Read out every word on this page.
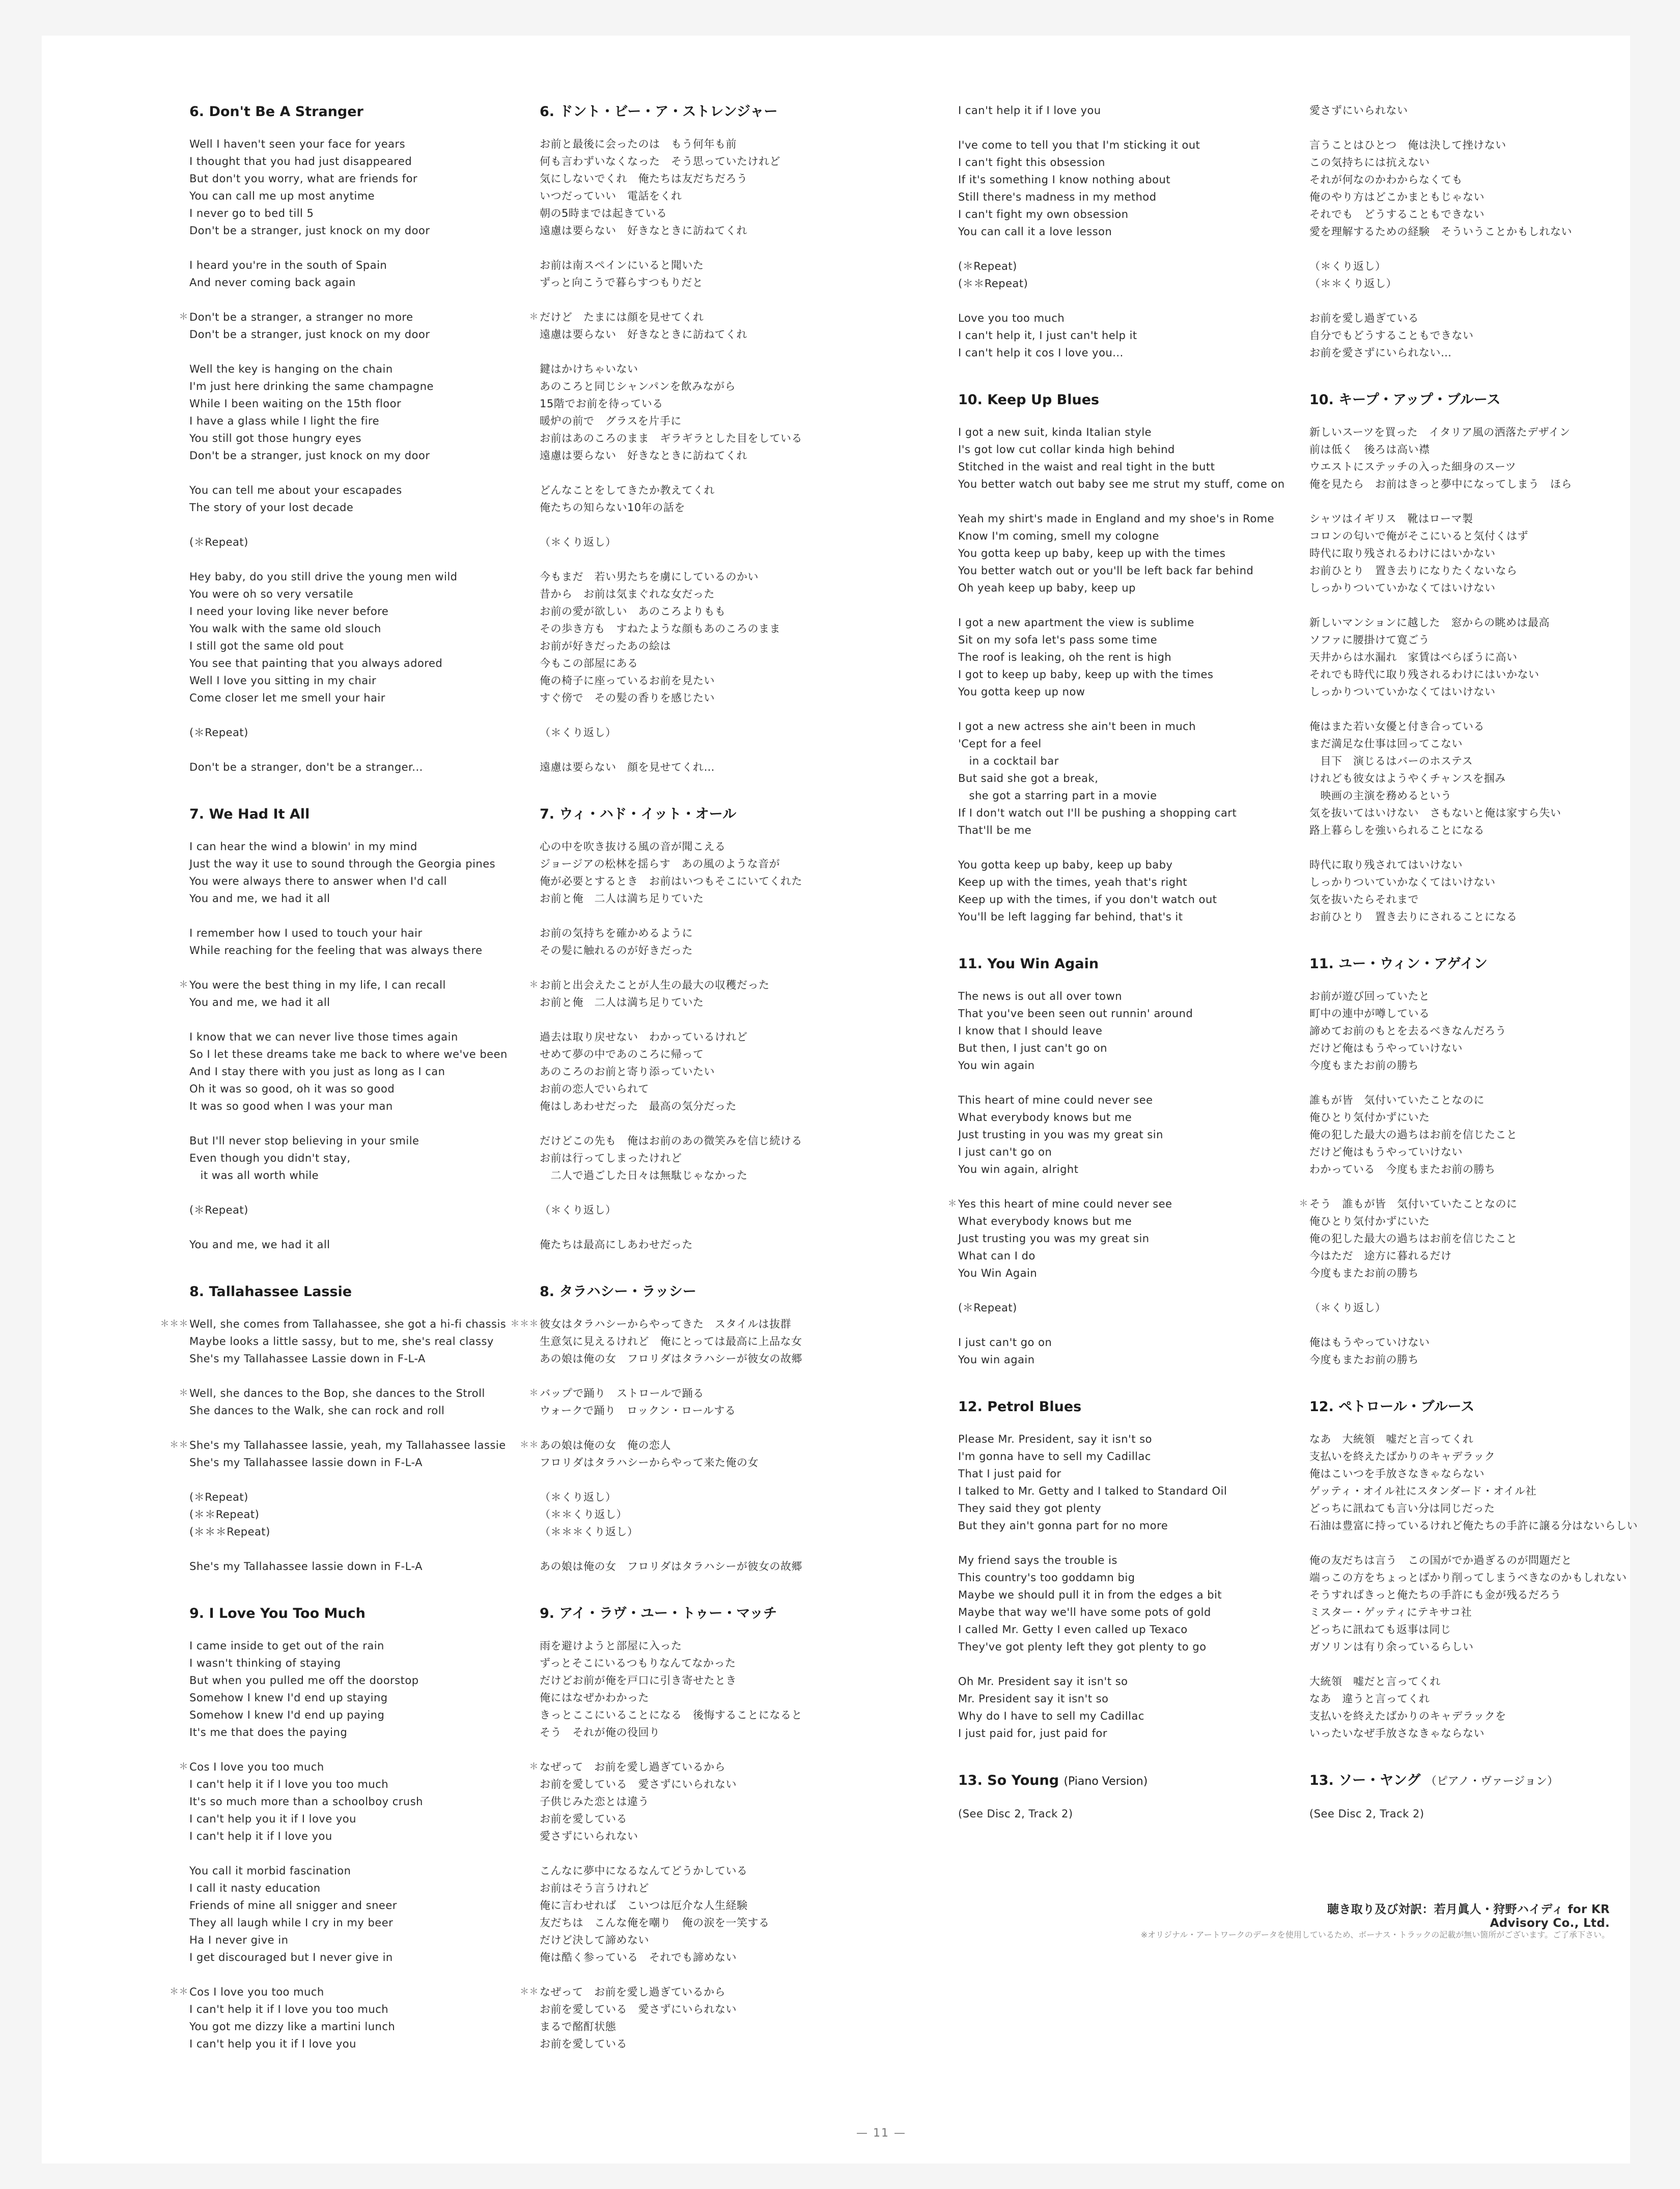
6. Don't Be A Stranger
Well I haven't seen your face for years
I thought that you had just disappeared
But don't you worry, what are friends for
You can call me up most anytime
I never go to bed till 5
Don't be a stranger, just knock on my door
I heard you're in the south of Spain
And never coming back again
＊ Don't be a stranger, a stranger no more
Don't be a stranger, just knock on my door
Well the key is hanging on the chain
I'm just here drinking the same champagne
While I been waiting on the 15th floor
I have a glass while I light the fire
You still got those hungry eyes
Don't be a stranger, just knock on my door
You can tell me about your escapades
The story of your lost decade
(＊Repeat)
Hey baby, do you still drive the young men wild
You were oh so very versatile
I need your loving like never before
You walk with the same old slouch
I still got the same old pout
You see that painting that you always adored
Well I love you sitting in my chair
Come closer let me smell your hair
(＊Repeat)
Don't be a stranger, don't be a stranger...
7. We Had It All
I can hear the wind a blowin' in my mind
Just the way it use to sound through the Georgia pines
You were always there to answer when I'd call
You and me, we had it all
I remember how I used to touch your hair
While reaching for the feeling that was always there
＊ You were the best thing in my life, I can recall
You and me, we had it all
I know that we can never live those times again
So I let these dreams take me back to where we've been
And I stay there with you just as long as I can
Oh it was so good, oh it was so good
It was so good when I was your man
But I'll never stop believing in your smile
Even though you didn't stay,
it was all worth while
(＊Repeat)
You and me, we had it all
8. Tallahassee Lassie
＊＊＊ Well, she comes from Tallahassee, she got a hi-fi chassis
Maybe looks a little sassy, but to me, she's real classy
She's my Tallahassee Lassie down in F-L-A
＊ Well, she dances to the Bop, she dances to the Stroll
She dances to the Walk, she can rock and roll
＊＊ She's my Tallahassee lassie, yeah, my Tallahassee lassie
She's my Tallahassee lassie down in F-L-A
(＊Repeat)
(＊＊Repeat)
(＊＊＊Repeat)
She's my Tallahassee lassie down in F-L-A
9. I Love You Too Much
I came inside to get out of the rain
I wasn't thinking of staying
But when you pulled me off the doorstop
Somehow I knew I'd end up staying
Somehow I knew I'd end up paying
It's me that does the paying
＊ Cos I love you too much
I can't help it if I love you too much
It's so much more than a schoolboy crush
I can't help you it if I love you
I can't help it if I love you
You call it morbid fascination
I call it nasty education
Friends of mine all snigger and sneer
They all laugh while I cry in my beer
Ha I never give in
I get discouraged but I never give in
＊＊ Cos I love you too much
I can't help it if I love you too much
You got me dizzy like a martini lunch
I can't help you it if I love you
6. ドント・ビー・ア・ストレンジャー
お前と最後に会ったのは　もう何年も前
何も言わずいなくなった　そう思っていたけれど
気にしないでくれ　俺たちは友だちだろう
いつだっていい　電話をくれ
朝の5時までは起きている
遠慮は要らない　好きなときに訪ねてくれ
お前は南スペインにいると聞いた
ずっと向こうで暮らすつもりだと
＊ だけど　たまには顔を見せてくれ
遠慮は要らない　好きなときに訪ねてくれ
鍵はかけちゃいない
あのころと同じシャンパンを飲みながら
15階でお前を待っている
暖炉の前で　グラスを片手に
お前はあのころのまま　ギラギラとした目をしている
遠慮は要らない　好きなときに訪ねてくれ
どんなことをしてきたか教えてくれ
俺たちの知らない10年の話を
（＊くり返し）
今もまだ　若い男たちを虜にしているのかい
昔から　お前は気まぐれな女だった
お前の愛が欲しい　あのころよりもも
その歩き方も　すねたような顔もあのころのまま
お前が好きだったあの絵は
今もこの部屋にある
俺の椅子に座っているお前を見たい
すぐ傍で　その髪の香りを感じたい
（＊くり返し）
遠慮は要らない　顔を見せてくれ…
7. ウィ・ハド・イット・オール
心の中を吹き抜ける風の音が聞こえる
ジョージアの松林を揺らす　あの風のような音が
俺が必要とするとき　お前はいつもそこにいてくれた
お前と俺　二人は満ち足りていた
お前の気持ちを確かめるように
その髪に触れるのが好きだった
＊ お前と出会えたことが人生の最大の収穫だった
お前と俺　二人は満ち足りていた
過去は取り戻せない　わかっているけれど
せめて夢の中であのころに帰って
あのころのお前と寄り添っていたい
お前の恋人でいられて
俺はしあわせだった　最高の気分だった
だけどこの先も　俺はお前のあの微笑みを信じ続ける
お前は行ってしまったけれど
　二人で過ごした日々は無駄じゃなかった
（＊くり返し）
俺たちは最高にしあわせだった
8. タラハシー・ラッシー
＊＊＊ 彼女はタラハシーからやってきた　スタイルは抜群
生意気に見えるけれど　俺にとっては最高に上品な女
あの娘は俺の女　フロリダはタラハシーが彼女の故郷
＊ バップで踊り　ストロールで踊る
ウォークで踊り　ロックン・ロールする
＊＊ あの娘は俺の女　俺の恋人
フロリダはタラハシーからやって来た俺の女
（＊くり返し）
（＊＊くり返し）
（＊＊＊くり返し）
あの娘は俺の女　フロリダはタラハシーが彼女の故郷
9. アイ・ラヴ・ユー・トゥー・マッチ
雨を避けようと部屋に入った
ずっとそこにいるつもりなんてなかった
だけどお前が俺を戸口に引き寄せたとき
俺にはなぜかわかった
きっとここにいることになる　後悔することになると
そう　それが俺の役回り
＊ なぜって　お前を愛し過ぎているから
お前を愛している　愛さずにいられない
子供じみた恋とは違う
お前を愛している
愛さずにいられない
こんなに夢中になるなんてどうかしている
お前はそう言うけれど
俺に言わせれば　こいつは厄介な人生経験
友だちは　こんな俺を嘲り　俺の涙を一笑する
だけど決して諦めない
俺は酷く参っている　それでも諦めない
＊＊ なぜって　お前を愛し過ぎているから
お前を愛している　愛さずにいられない
まるで酩酊状態
お前を愛している
I can't help it if I love you
I've come to tell you that I'm sticking it out
I can't fight this obsession
If it's something I know nothing about
Still there's madness in my method
I can't fight my own obsession
You can call it a love lesson
(＊Repeat)
(＊＊Repeat)
Love you too much
I can't help it, I just can't help it
I can't help it cos I love you...
10. Keep Up Blues
I got a new suit, kinda Italian style
I's got low cut collar kinda high behind
Stitched in the waist and real tight in the butt
You better watch out baby see me strut my stuff, come on
Yeah my shirt's made in England and my shoe's in Rome
Know I'm coming, smell my cologne
You gotta keep up baby, keep up with the times
You better watch out or you'll be left back far behind
Oh yeah keep up baby, keep up
I got a new apartment the view is sublime
Sit on my sofa let's pass some time
The roof is leaking, oh the rent is high
I got to keep up baby, keep up with the times
You gotta keep up now
I got a new actress she ain't been in much
'Cept for a feel
in a cocktail bar
But said she got a break,
she got a starring part in a movie
If I don't watch out I'll be pushing a shopping cart
That'll be me
You gotta keep up baby, keep up baby
Keep up with the times, yeah that's right
Keep up with the times, if you don't watch out
You'll be left lagging far behind, that's it
11. You Win Again
The news is out all over town
That you've been seen out runnin' around
I know that I should leave
But then, I just can't go on
You win again
This heart of mine could never see
What everybody knows but me
Just trusting in you was my great sin
I just can't go on
You win again, alright
＊ Yes this heart of mine could never see
What everybody knows but me
Just trusting you was my great sin
What can I do
You Win Again
(＊Repeat)
I just can't go on
You win again
12. Petrol Blues
Please Mr. President, say it isn't so
I'm gonna have to sell my Cadillac
That I just paid for
I talked to Mr. Getty and I talked to Standard Oil
They said they got plenty
But they ain't gonna part for no more
My friend says the trouble is
This country's too goddamn big
Maybe we should pull it in from the edges a bit
Maybe that way we'll have some pots of gold
I called Mr. Getty I even called up Texaco
They've got plenty left they got plenty to go
Oh Mr. President say it isn't so
Mr. President say it isn't so
Why do I have to sell my Cadillac
I just paid for, just paid for
13. So Young (Piano Version)
(See Disc 2, Track 2)
愛さずにいられない
言うことはひとつ　俺は決して挫けない
この気持ちには抗えない
それが何なのかわからなくても
俺のやり方はどこかまともじゃない
それでも　どうすることもできない
愛を理解するための経験　そういうことかもしれない
（＊くり返し）
（＊＊くり返し）
お前を愛し過ぎている
自分でもどうすることもできない
お前を愛さずにいられない…
10. キープ・アップ・ブルース
新しいスーツを買った　イタリア風の洒落たデザイン
前は低く　後ろは高い襟
ウエストにステッチの入った細身のスーツ
俺を見たら　お前はきっと夢中になってしまう　ほら
シャツはイギリス　靴はローマ製
コロンの匂いで俺がそこにいると気付くはず
時代に取り残されるわけにはいかない
お前ひとり　置き去りになりたくないなら
しっかりついていかなくてはいけない
新しいマンションに越した　窓からの眺めは最高
ソファに腰掛けて寛ごう
天井からは水漏れ　家賃はべらぼうに高い
それでも時代に取り残されるわけにはいかない
しっかりついていかなくてはいけない
俺はまた若い女優と付き合っている
まだ満足な仕事は回ってこない
　目下　演じるはバーのホステス
けれども彼女はようやくチャンスを掴み
　映画の主演を務めるという
気を抜いてはいけない　さもないと俺は家すら失い
路上暮らしを強いられることになる
時代に取り残されてはいけない
しっかりついていかなくてはいけない
気を抜いたらそれまで
お前ひとり　置き去りにされることになる
11. ユー・ウィン・アゲイン
お前が遊び回っていたと
町中の連中が噂している
諦めてお前のもとを去るべきなんだろう
だけど俺はもうやっていけない
今度もまたお前の勝ち
誰もが皆　気付いていたことなのに
俺ひとり気付かずにいた
俺の犯した最大の過ちはお前を信じたこと
だけど俺はもうやっていけない
わかっている　今度もまたお前の勝ち
＊ そう　誰もが皆　気付いていたことなのに
俺ひとり気付かずにいた
俺の犯した最大の過ちはお前を信じたこと
今はただ　途方に暮れるだけ
今度もまたお前の勝ち
（＊くり返し）
俺はもうやっていけない
今度もまたお前の勝ち
12. ペトロール・ブルース
なあ　大統領　嘘だと言ってくれ
支払いを終えたばかりのキャデラック
俺はこいつを手放さなきゃならない
ゲッティ・オイル社にスタンダード・オイル社
どっちに訊ねても言い分は同じだった
石油は豊富に持っているけれど俺たちの手許に譲る分はないらしい
俺の友だちは言う　この国がでか過ぎるのが問題だと
端っこの方をちょっとばかり削ってしまうべきなのかもしれない
そうすればきっと俺たちの手許にも金が残るだろう
ミスター・ゲッティにテキサコ社
どっちに訊ねても返事は同じ
ガソリンは有り余っているらしい
大統領　嘘だと言ってくれ
なあ　違うと言ってくれ
支払いを終えたばかりのキャデラックを
いったいなぜ手放さなきゃならない
13. ソー・ヤング （ピアノ・ヴァージョン）
(See Disc 2, Track 2)
聴き取り及び対訳：若月眞人・狩野ハイディ for KR Advisory Co., Ltd.
※オリジナル・アートワークのデータを使用しているため、ボーナス・トラックの記載が無い箇所がございます。ご了承下さい。
— 11 —
